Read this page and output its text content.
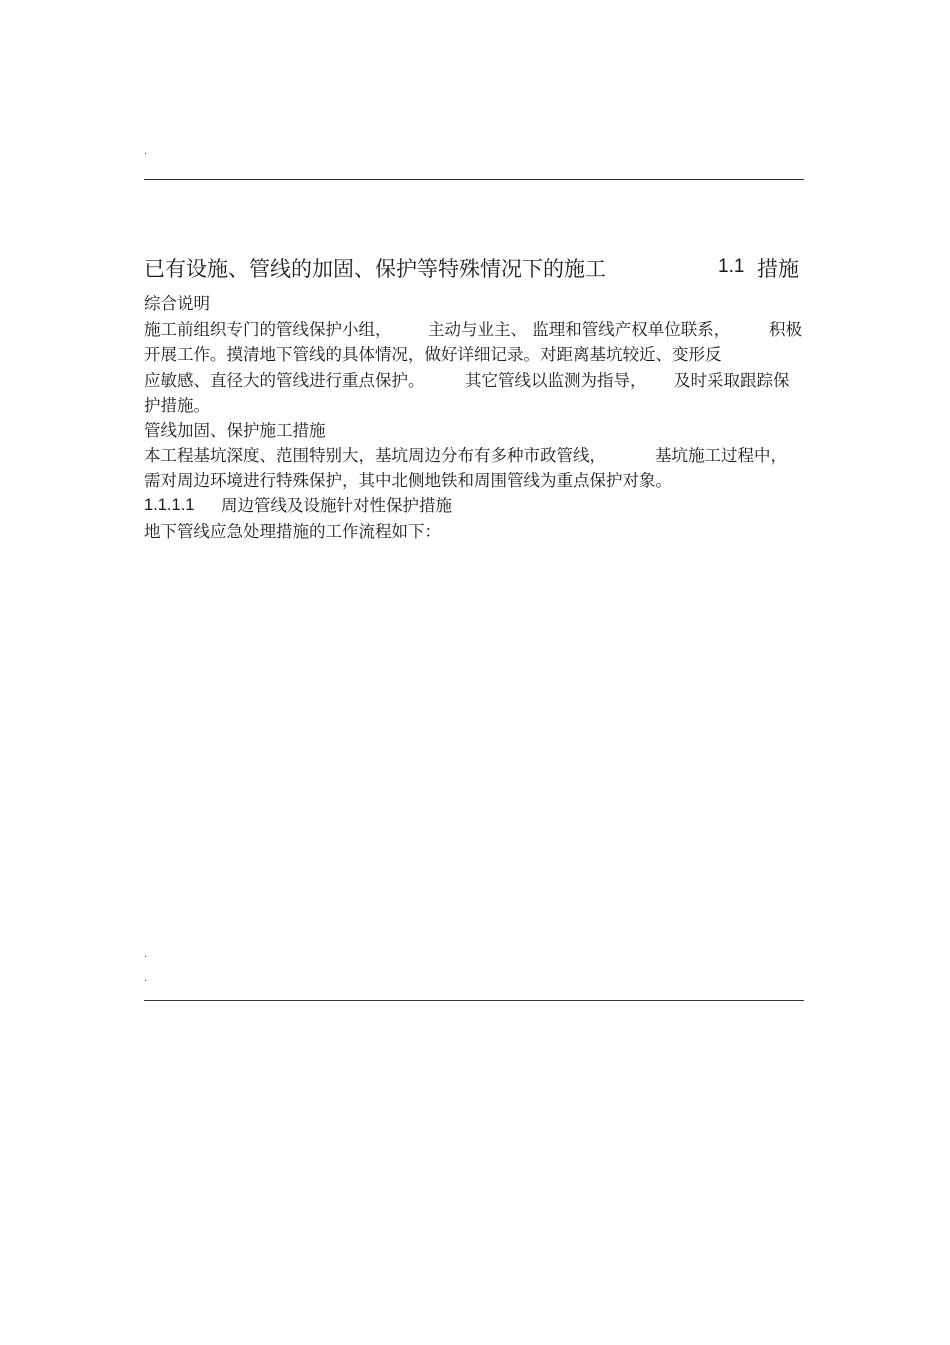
.
已有设施、管线的加固、保护等特殊情况下的施工	1.1 措施
综合说明
施工前组织专门的管线保护小组， 主动与业主、 监理和管线产权单位联系， 积极
开展工作。摸清地下管线的具体情况，做好详细记录。对距离基坑较近、变形反
应敏感、直径大的管线进行重点保护。 其它管线以监测为指导， 及时采取跟踪保
护措施。
管线加固、保护施工措施
本工程基坑深度、范围特别大，基坑周边分布有多种市政管线，	基坑施工过程中，
需对周边环境进行特殊保护，其中北侧地铁和周围管线为重点保护对象。
1.1.1.1 周边管线及设施针对性保护措施
地下管线应急处理措施的工作流程如下：
.
.
